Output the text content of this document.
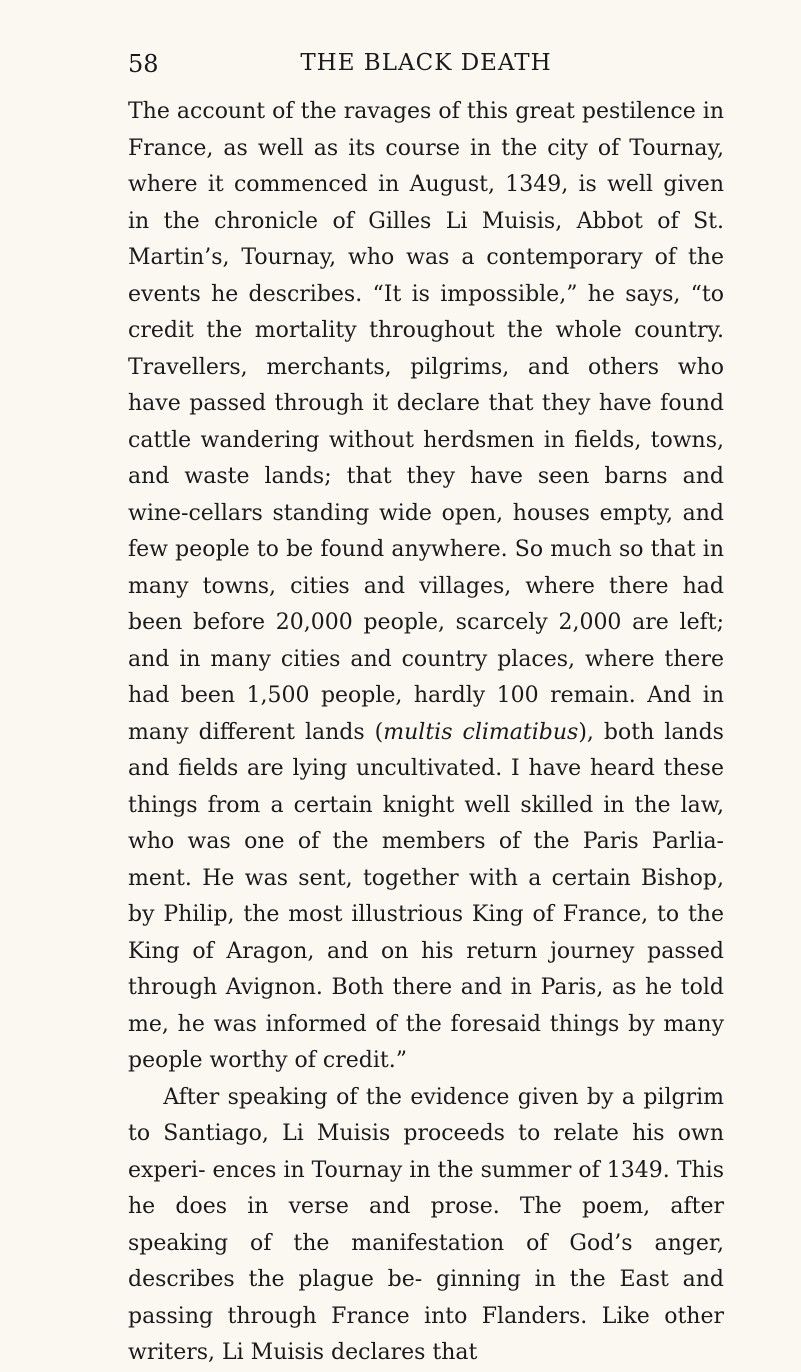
58	THE BLACK DEATH

The account of the ravages of this great pestilence in France, as well as its course in the city of Tournay, where it commenced in August, 1349, is well given in the chronicle of Gilles Li Muisis, Abbot of St. Martin’s, Tournay, who was a contemporary of the events he describes. “It is impossible,” he says, “to credit the mortality throughout the whole country. Travellers, merchants, pilgrims, and others who have passed through it declare that they have found cattle wandering without herdsmen in fields, towns, and waste lands; that they have seen barns and wine-cellars standing wide open, houses empty, and few people to be found anywhere. So much so that in many towns, cities and villages, where there had been before 20,000 people, scarcely 2,000 are left; and in many cities and country places, where there had been 1,500 people, hardly 100 remain. And in many different lands (multis climatibus), both lands and fields are lying uncultivated. I have heard these things from a certain knight well skilled in the law, who was one of the members of the Paris Parlia- ment. He was sent, together with a certain Bishop, by Philip, the most illustrious King of France, to the King of Aragon, and on his return journey passed through Avignon. Both there and in Paris, as he told me, he was informed of the foresaid things by many people worthy of credit.”

After speaking of the evidence given by a pilgrim to Santiago, Li Muisis proceeds to relate his own experi- ences in Tournay in the summer of 1349. This he does in verse and prose. The poem, after speaking of the manifestation of God’s anger, describes the plague be- ginning in the East and passing through France into Flanders. Like other writers, Li Muisis declares that
